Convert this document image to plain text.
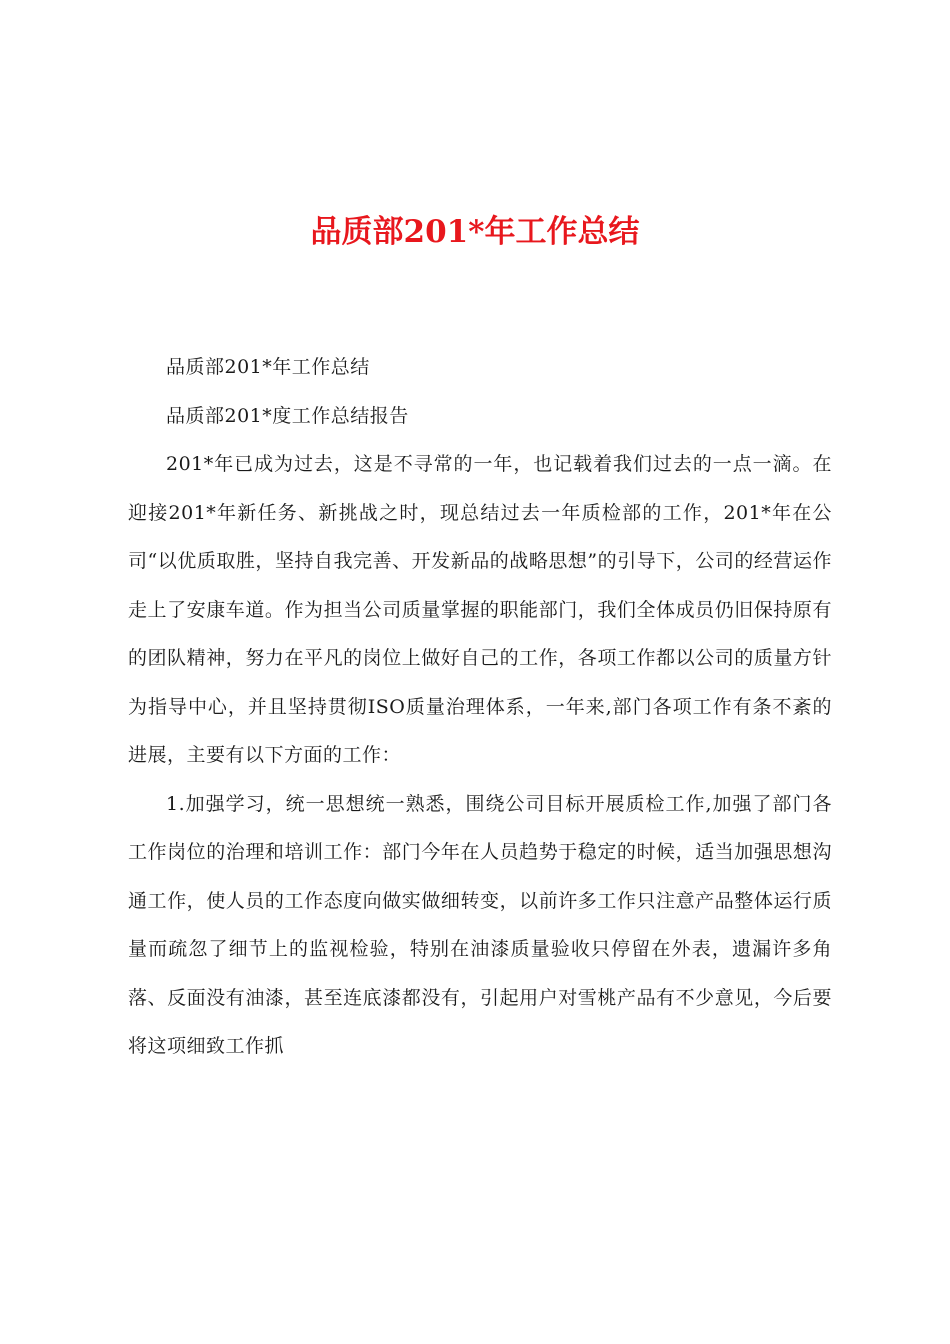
品质部201*年工作总结

品质部201*年工作总结

品质部201*度工作总结报告

201*年已成为过去，这是不寻常的一年，也记载着我们过去的一点一滴。在迎接201*年新任务、新挑战之时，现总结过去一年质检部的工作，201*年在公司“以优质取胜，坚持自我完善、开发新品的战略思想”的引导下，公司的经营运作走上了安康车道。作为担当公司质量掌握的职能部门，我们全体成员仍旧保持原有的团队精神，努力在平凡的岗位上做好自己的工作，各项工作都以公司的质量方针为指导中心，并且坚持贯彻ISO质量治理体系，一年来,部门各项工作有条不紊的进展，主要有以下方面的工作：

1.加强学习，统一思想统一熟悉，围绕公司目标开展质检工作,加强了部门各工作岗位的治理和培训工作：部门今年在人员趋势于稳定的时候，适当加强思想沟通工作，使人员的工作态度向做实做细转变，以前许多工作只注意产品整体运行质量而疏忽了细节上的监视检验，特别在油漆质量验收只停留在外表，遗漏许多角落、反面没有油漆，甚至连底漆都没有，引起用户对雪桃产品有不少意见，今后要将这项细致工作抓
